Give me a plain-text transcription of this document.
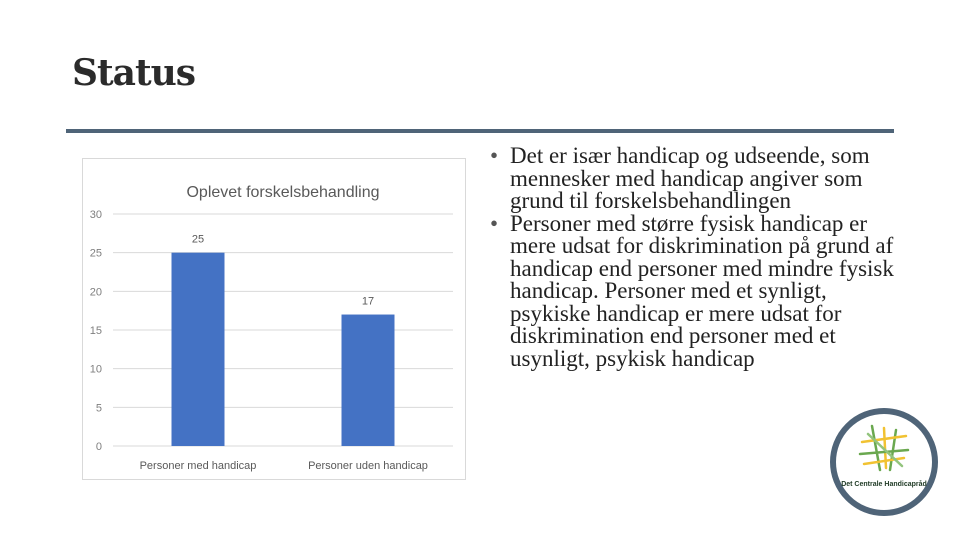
Status
Oplevet forskelsbehandling
0
5
10
15
20
25
30
25
Personer med handicap
17
Personer uden handicap
• Det er især handicap og udseende, som mennesker med handicap angiver som grund til forskelsbehandlingen
• Personer med større fysisk handicap er mere udsat for diskrimination på grund af handicap end personer med mindre fysisk handicap. Personer med et synligt, psykiske handicap er mere udsat for diskrimination end personer med et usynligt, psykisk handicap
Det Centrale Handicapråd
